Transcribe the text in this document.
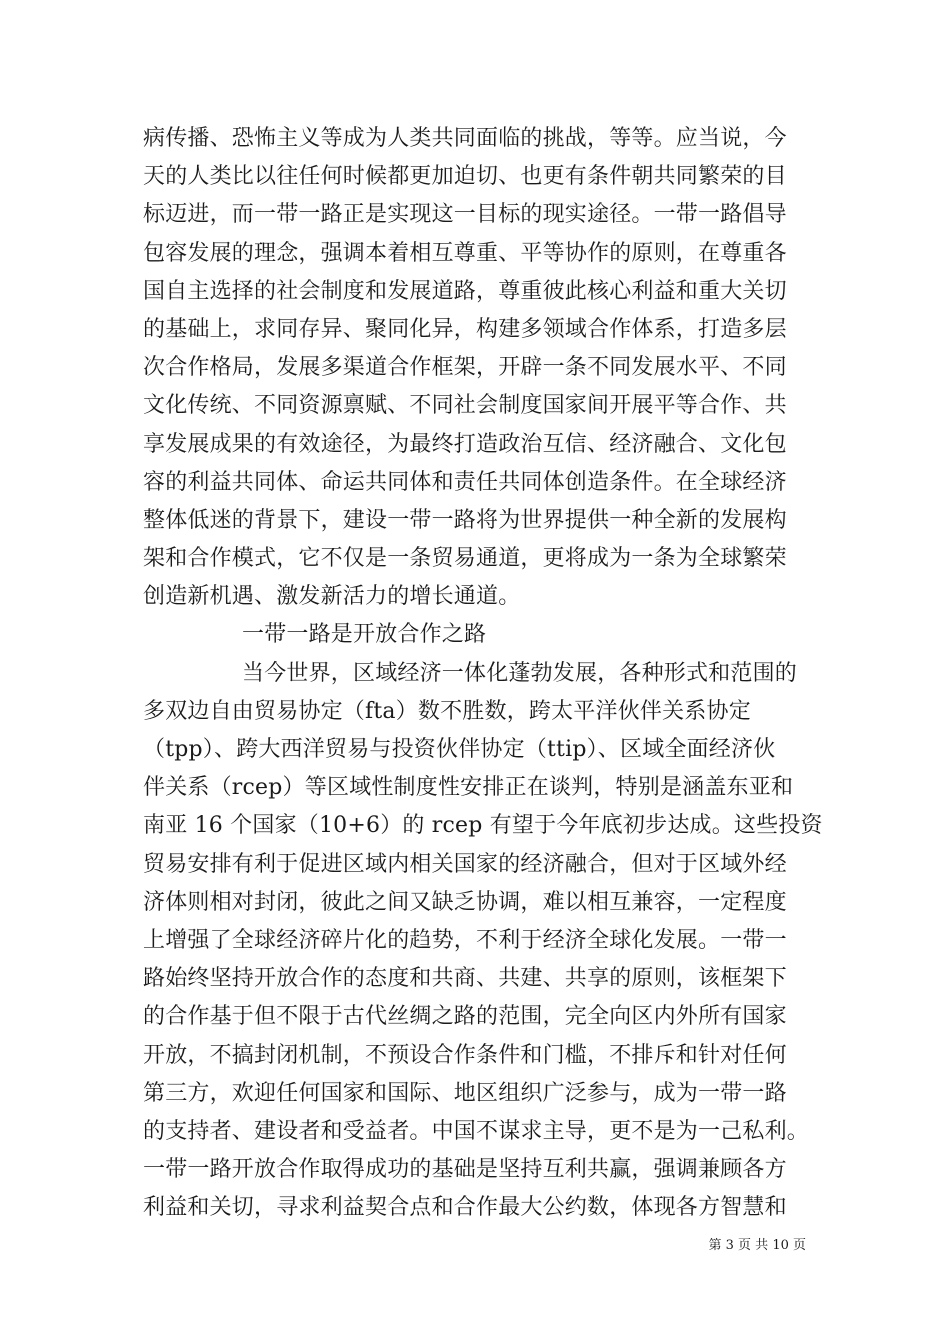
病传播、恐怖主义等成为人类共同面临的挑战，等等。应当说，今
天的人类比以往任何时候都更加迫切、也更有条件朝共同繁荣的目
标迈进，而一带一路正是实现这一目标的现实途径。一带一路倡导
包容发展的理念，强调本着相互尊重、平等协作的原则，在尊重各
国自主选择的社会制度和发展道路，尊重彼此核心利益和重大关切
的基础上，求同存异、聚同化异，构建多领域合作体系，打造多层
次合作格局，发展多渠道合作框架，开辟一条不同发展水平、不同
文化传统、不同资源禀赋、不同社会制度国家间开展平等合作、共
享发展成果的有效途径，为最终打造政治互信、经济融合、文化包
容的利益共同体、命运共同体和责任共同体创造条件。在全球经济
整体低迷的背景下，建设一带一路将为世界提供一种全新的发展构
架和合作模式，它不仅是一条贸易通道，更将成为一条为全球繁荣
创造新机遇、激发新活力的增长通道。
一带一路是开放合作之路
当今世界，区域经济一体化蓬勃发展，各种形式和范围的
多双边自由贸易协定（fta）数不胜数，跨太平洋伙伴关系协定
（tpp）、跨大西洋贸易与投资伙伴协定（ttip）、区域全面经济伙
伴关系（rcep）等区域性制度性安排正在谈判，特别是涵盖东亚和
南亚 16 个国家（10+6）的 rcep 有望于今年底初步达成。这些投资
贸易安排有利于促进区域内相关国家的经济融合，但对于区域外经
济体则相对封闭，彼此之间又缺乏协调，难以相互兼容，一定程度
上增强了全球经济碎片化的趋势，不利于经济全球化发展。一带一
路始终坚持开放合作的态度和共商、共建、共享的原则，该框架下
的合作基于但不限于古代丝绸之路的范围，完全向区内外所有国家
开放，不搞封闭机制，不预设合作条件和门槛，不排斥和针对任何
第三方，欢迎任何国家和国际、地区组织广泛参与，成为一带一路
的支持者、建设者和受益者。中国不谋求主导，更不是为一己私利。
一带一路开放合作取得成功的基础是坚持互利共赢，强调兼顾各方
利益和关切，寻求利益契合点和合作最大公约数，体现各方智慧和
第 3 页 共 10 页
